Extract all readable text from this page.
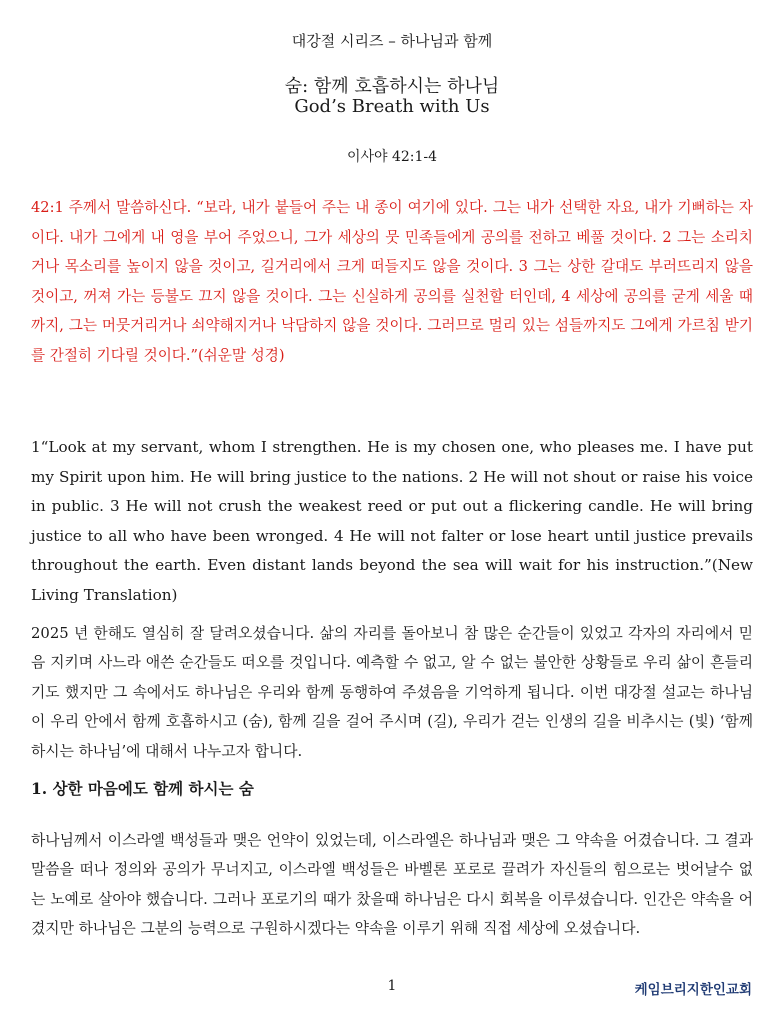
대강절 시리즈 – 하나님과 함께
숨: 함께 호흡하시는 하나님
God’s Breath with Us
이사야 42:1-4

42:1 주께서 말씀하신다. “보라, 내가 붙들어 주는 내 종이 여기에 있다. 그는 내가 선택한 자요, 내가 기뻐하는 자이다. 내가 그에게 내 영을 부어 주었으니, 그가 세상의 뭇 민족들에게 공의를 전하고 베풀 것이다. 2 그는 소리치거나 목소리를 높이지 않을 것이고, 길거리에서 크게 떠들지도 않을 것이다. 3 그는 상한 갈대도 부러뜨리지 않을 것이고, 꺼져 가는 등불도 끄지 않을 것이다. 그는 신실하게 공의를 실천할 터인데, 4 세상에 공의를 굳게 세울 때까지, 그는 머뭇거리거나 쇠약해지거나 낙담하지 않을 것이다. 그러므로 멀리 있는 섬들까지도 그에게 가르침 받기를 간절히 기다릴 것이다.”(쉬운말 성경)

1“Look at my servant, whom I strengthen. He is my chosen one, who pleases me. I have put my Spirit upon him. He will bring justice to the nations. 2 He will not shout or raise his voice in public. 3 He will not crush the weakest reed or put out a flickering candle. He will bring justice to all who have been wronged. 4 He will not falter or lose heart until justice prevails throughout the earth. Even distant lands beyond the sea will wait for his instruction.”(New Living Translation)

2025 년 한해도 열심히 잘 달려오셨습니다. 삶의 자리를 돌아보니 참 많은 순간들이 있었고 각자의 자리에서 믿음 지키며 사느라 애쓴 순간들도 떠오를 것입니다. 예측할 수 없고, 알 수 없는 불안한 상황들로 우리 삶이 흔들리기도 했지만 그 속에서도 하나님은 우리와 함께 동행하여 주셨음을 기억하게 됩니다. 이번 대강절 설교는 하나님이 우리 안에서 함께 호흡하시고 (숨), 함께 길을 걸어 주시며 (길), 우리가 걷는 인생의 길을 비추시는 (빛) ‘함께하시는 하나님’에 대해서 나누고자 합니다.

1. 상한 마음에도 함께 하시는 숨

하나님께서 이스라엘 백성들과 맺은 언약이 있었는데, 이스라엘은 하나님과 맺은 그 약속을 어겼습니다. 그 결과 말씀을 떠나 정의와 공의가 무너지고, 이스라엘 백성들은 바벨론 포로로 끌려가 자신들의 힘으로는 벗어날수 없는 노예로 살아야 했습니다. 그러나 포로기의 때가 찼을때 하나님은 다시 회복을 이루셨습니다. 인간은 약속을 어겼지만 하나님은 그분의 능력으로 구원하시겠다는 약속을 이루기 위해 직접 세상에 오셨습니다.

1	케임브리지한인교회
